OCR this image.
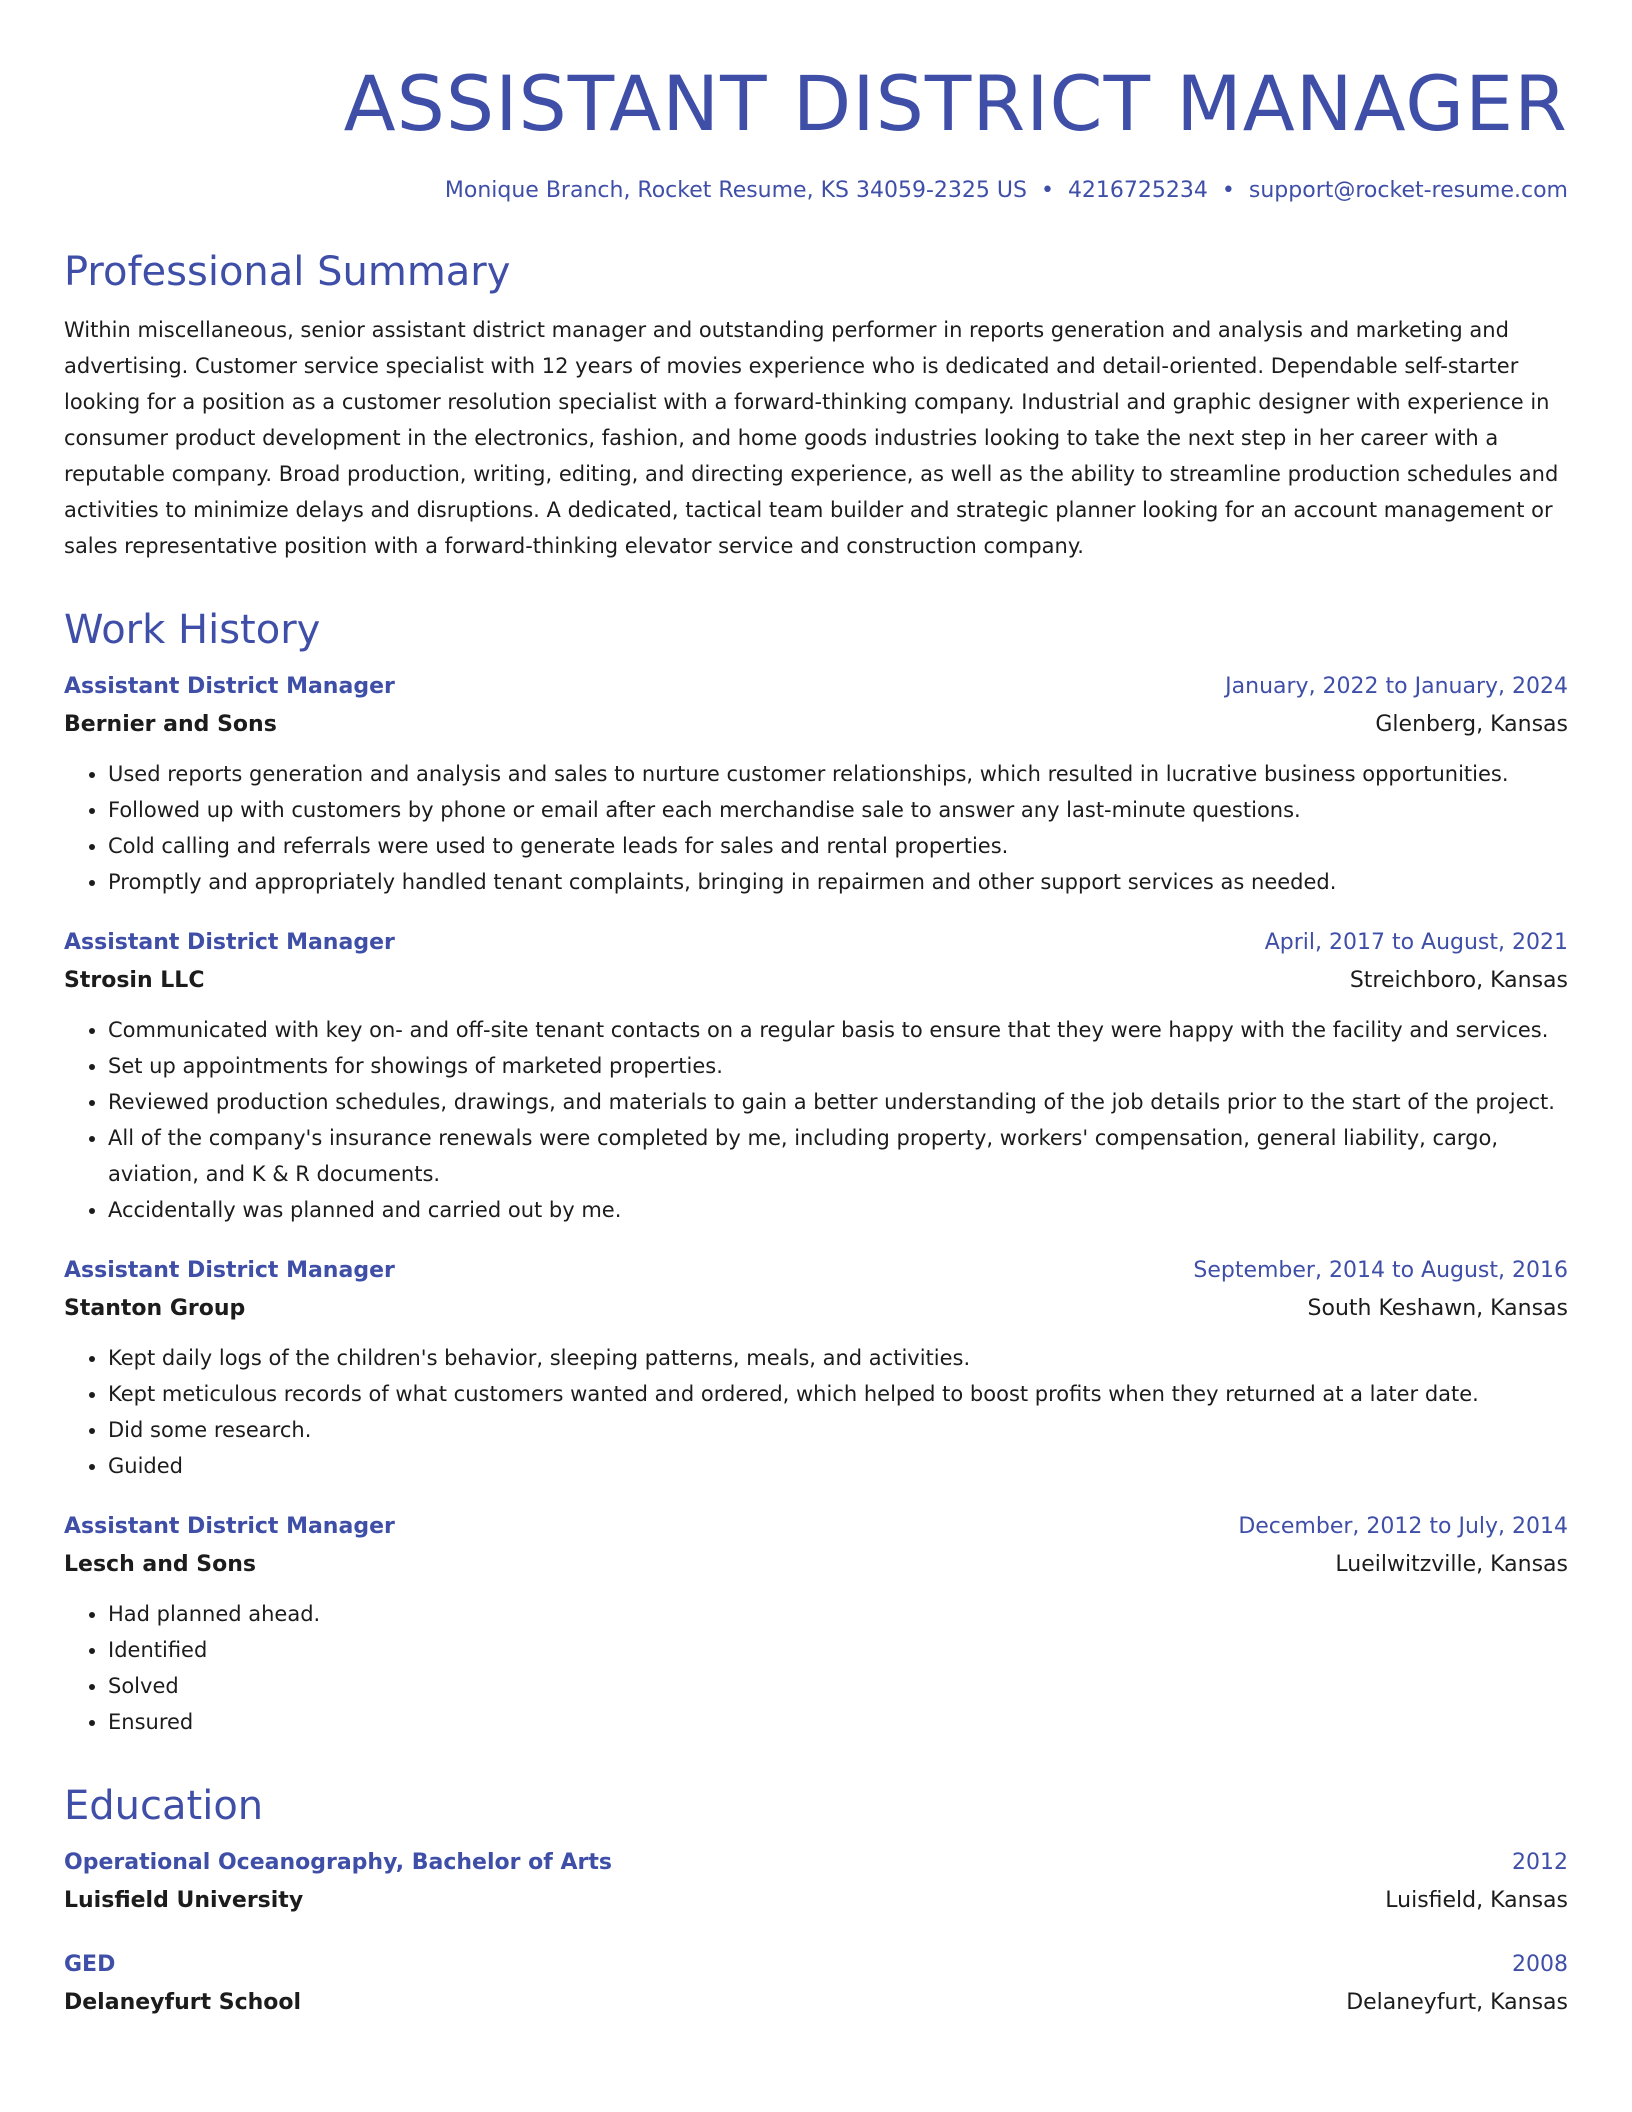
ASSISTANT DISTRICT MANAGER
Monique Branch, Rocket Resume, KS 34059-2325 US • 4216725234 • support@rocket-resume.com
Professional Summary

Within miscellaneous, senior assistant district manager and outstanding performer in reports generation and analysis and marketing and advertising. Customer service specialist with 12 years of movies experience who is dedicated and detail-oriented. Dependable self-starter looking for a position as a customer resolution specialist with a forward-thinking company. Industrial and graphic designer with experience in consumer product development in the electronics, fashion, and home goods industries looking to take the next step in her career with a reputable company. Broad production, writing, editing, and directing experience, as well as the ability to streamline production schedules and activities to minimize delays and disruptions. A dedicated, tactical team builder and strategic planner looking for an account management or sales representative position with a forward-thinking elevator service and construction company.

Work History
Assistant District Manager	January, 2022 to January, 2024
Bernier and Sons	Glenberg, Kansas
• Used reports generation and analysis and sales to nurture customer relationships, which resulted in lucrative business opportunities.
• Followed up with customers by phone or email after each merchandise sale to answer any last-minute questions.
• Cold calling and referrals were used to generate leads for sales and rental properties.
• Promptly and appropriately handled tenant complaints, bringing in repairmen and other support services as needed.
Assistant District Manager	April, 2017 to August, 2021
Strosin LLC	Streichboro, Kansas
• Communicated with key on- and off-site tenant contacts on a regular basis to ensure that they were happy with the facility and services.
• Set up appointments for showings of marketed properties.
• Reviewed production schedules, drawings, and materials to gain a better understanding of the job details prior to the start of the project.
• All of the company's insurance renewals were completed by me, including property, workers' compensation, general liability, cargo, aviation, and K & R documents.
• Accidentally was planned and carried out by me.
Assistant District Manager	September, 2014 to August, 2016
Stanton Group	South Keshawn, Kansas
• Kept daily logs of the children's behavior, sleeping patterns, meals, and activities.
• Kept meticulous records of what customers wanted and ordered, which helped to boost profits when they returned at a later date.
• Did some research.
• Guided
Assistant District Manager	December, 2012 to July, 2014
Lesch and Sons	Lueilwitzville, Kansas
• Had planned ahead.
• Identified
• Solved
• Ensured
Education
Operational Oceanography, Bachelor of Arts	2012
Luisfield University	Luisfield, Kansas
GED	2008
Delaneyfurt School	Delaneyfurt, Kansas
